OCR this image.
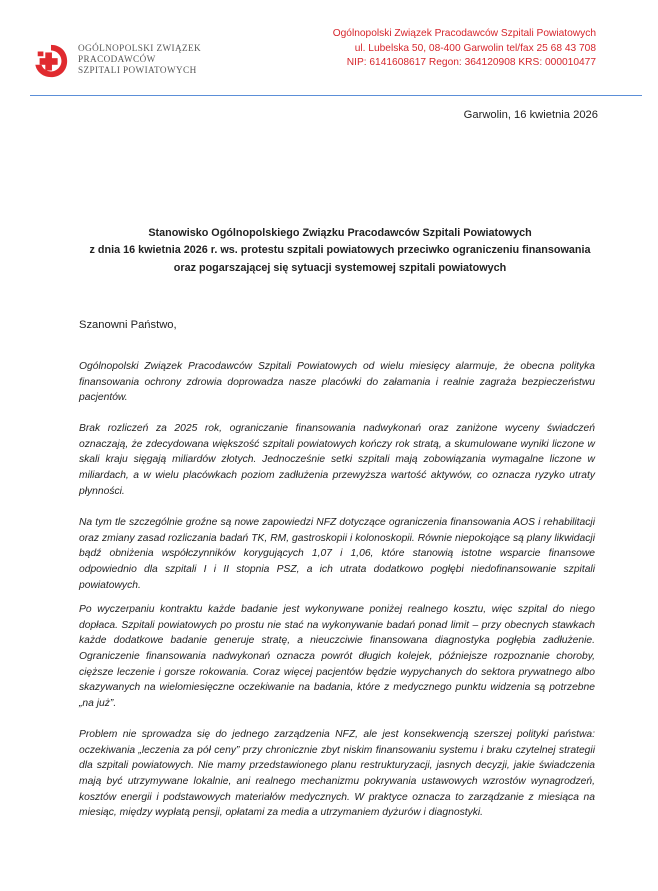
OGÓLNOPOLSKI ZWIĄZEK
PRACODAWCÓW
SZPITALI POWIATOWYCH
Ogólnopolski Związek Pracodawców Szpitali Powiatowych
ul. Lubelska 50, 08-400 Garwolin tel/fax 25 68 43 708
NIP: 6141608617 Regon: 364120908 KRS: 000010477
Garwolin, 16 kwietnia 2026
Stanowisko Ogólnopolskiego Związku Pracodawców Szpitali Powiatowych
z dnia 16 kwietnia 2026 r. ws. protestu szpitali powiatowych przeciwko ograniczeniu finansowania
oraz pogarszającej się sytuacji systemowej szpitali powiatowych
Szanowni Państwo,

Ogólnopolski Związek Pracodawców Szpitali Powiatowych od wielu miesięcy alarmuje, że obecna polityka finansowania ochrony zdrowia doprowadza nasze placówki do załamania i realnie zagraża bezpieczeństwu pacjentów.

Brak rozliczeń za 2025 rok, ograniczanie finansowania nadwykonań oraz zaniżone wyceny świadczeń oznaczają, że zdecydowana większość szpitali powiatowych kończy rok stratą, a skumulowane wyniki liczone w skali kraju sięgają miliardów złotych. Jednocześnie setki szpitali mają zobowiązania wymagalne liczone w miliardach, a w wielu placówkach poziom zadłużenia przewyższa wartość aktywów, co oznacza ryzyko utraty płynności.

Na tym tle szczególnie groźne są nowe zapowiedzi NFZ dotyczące ograniczenia finansowania AOS i rehabilitacji oraz zmiany zasad rozliczania badań TK, RM, gastroskopii i kolonoskopii. Równie niepokojące są plany likwidacji bądź obniżenia współczynników korygujących 1,07 i 1,06, które stanowią istotne wsparcie finansowe odpowiednio dla szpitali I i II stopnia PSZ, a ich utrata dodatkowo pogłębi niedofinansowanie szpitali powiatowych.

Po wyczerpaniu kontraktu każde badanie jest wykonywane poniżej realnego kosztu, więc szpital do niego dopłaca. Szpitali powiatowych po prostu nie stać na wykonywanie badań ponad limit – przy obecnych stawkach każde dodatkowe badanie generuje stratę, a nieuczciwie finansowana diagnostyka pogłębia zadłużenie. Ograniczenie finansowania nadwykonań oznacza powrót długich kolejek, późniejsze rozpoznanie choroby, cięższe leczenie i gorsze rokowania. Coraz więcej pacjentów będzie wypychanych do sektora prywatnego albo skazywanych na wielomiesięczne oczekiwanie na badania, które z medycznego punktu widzenia są potrzebne „na już”.

Problem nie sprowadza się do jednego zarządzenia NFZ, ale jest konsekwencją szerszej polityki państwa: oczekiwania „leczenia za pół ceny” przy chronicznie zbyt niskim finansowaniu systemu i braku czytelnej strategii dla szpitali powiatowych. Nie mamy przedstawionego planu restrukturyzacji, jasnych decyzji, jakie świadczenia mają być utrzymywane lokalnie, ani realnego mechanizmu pokrywania ustawowych wzrostów wynagrodzeń, kosztów energii i podstawowych materiałów medycznych. W praktyce oznacza to zarządzanie z miesiąca na miesiąc, między wypłatą pensji, opłatami za media a utrzymaniem dyżurów i diagnostyki.
